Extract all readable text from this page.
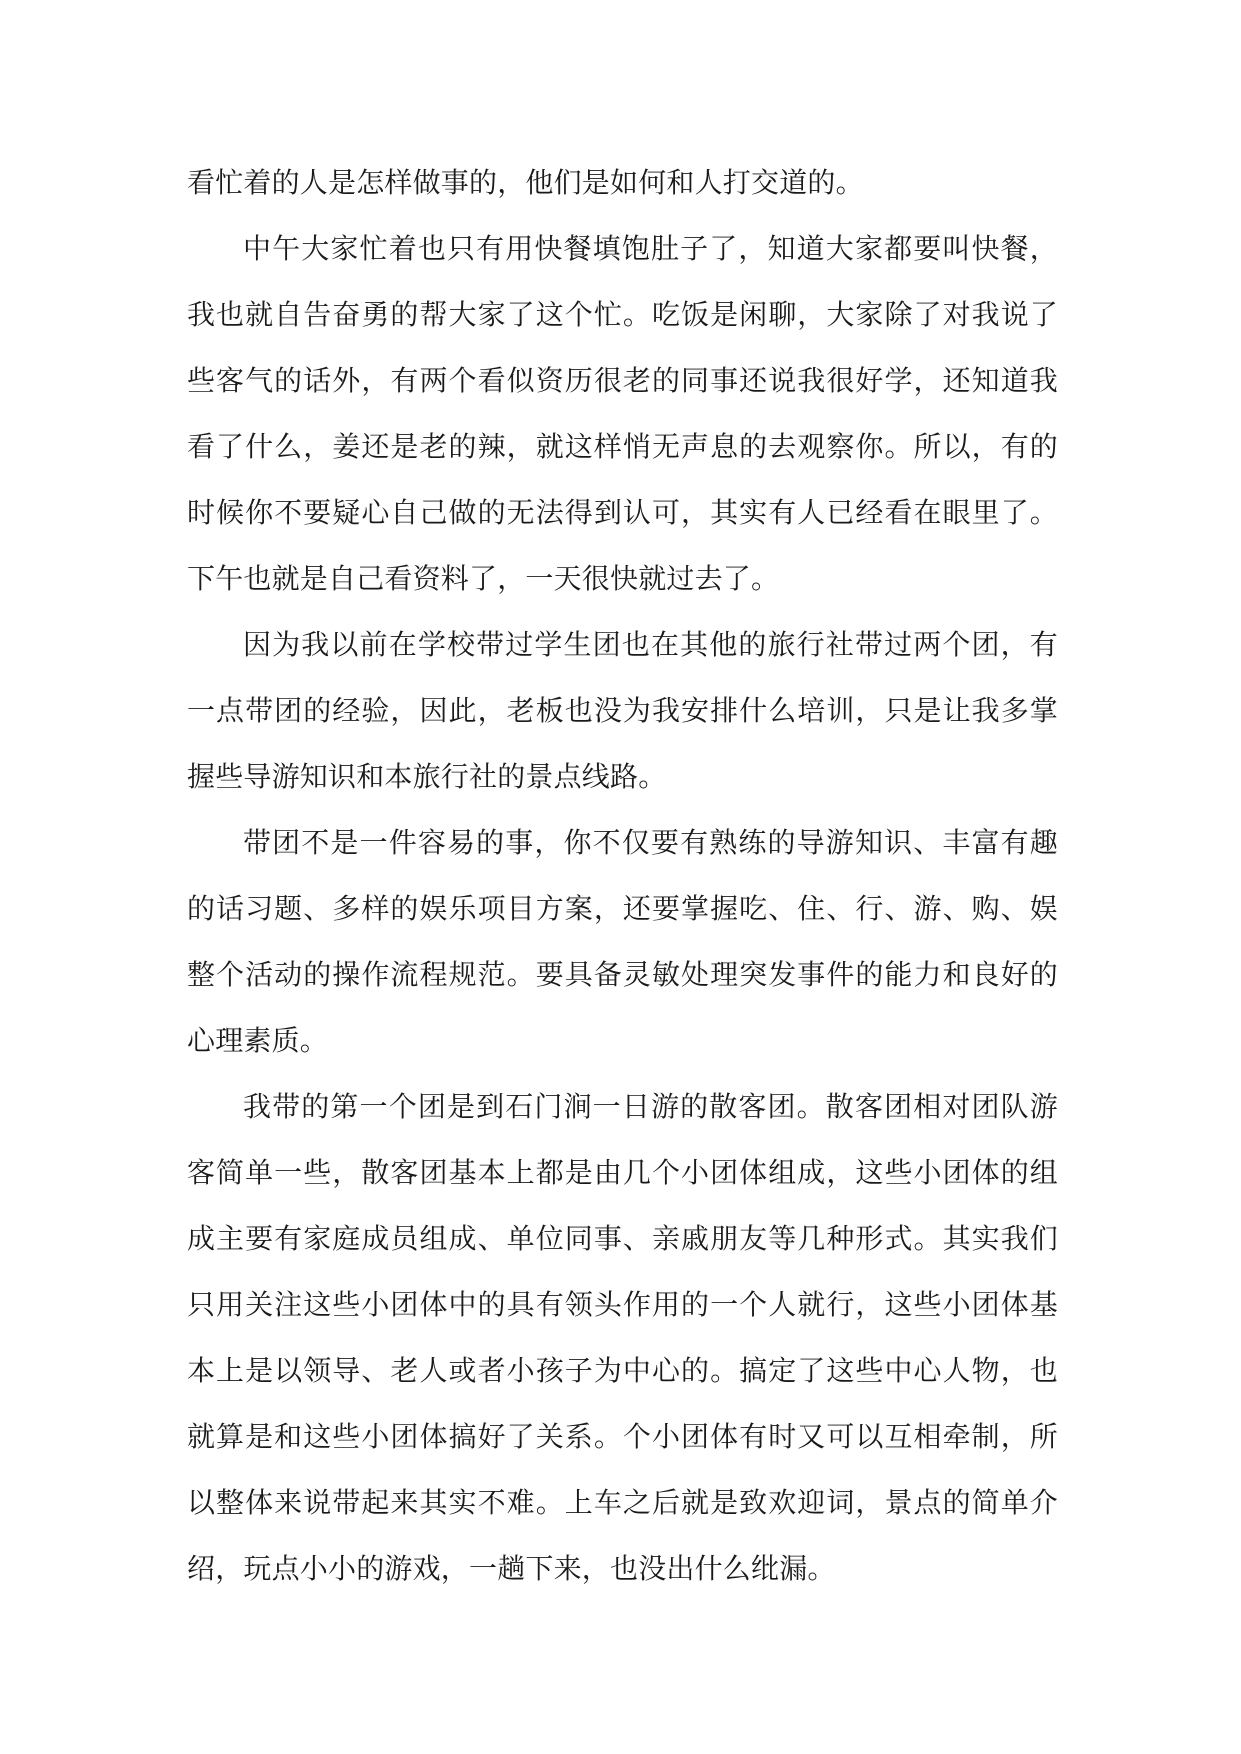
看忙着的人是怎样做事的，他们是如何和人打交道的。

中午大家忙着也只有用快餐填饱肚子了，知道大家都要叫快餐，我也就自告奋勇的帮大家了这个忙。吃饭是闲聊，大家除了对我说了些客气的话外，有两个看似资历很老的同事还说我很好学，还知道我看了什么，姜还是老的辣，就这样悄无声息的去观察你。所以，有的时候你不要疑心自己做的无法得到认可，其实有人已经看在眼里了。下午也就是自己看资料了，一天很快就过去了。

因为我以前在学校带过学生团也在其他的旅行社带过两个团，有一点带团的经验，因此，老板也没为我安排什么培训，只是让我多掌握些导游知识和本旅行社的景点线路。

带团不是一件容易的事，你不仅要有熟练的导游知识、丰富有趣的话习题、多样的娱乐项目方案，还要掌握吃、住、行、游、购、娱整个活动的操作流程规范。要具备灵敏处理突发事件的能力和良好的心理素质。

我带的第一个团是到石门涧一日游的散客团。散客团相对团队游客简单一些，散客团基本上都是由几个小团体组成，这些小团体的组成主要有家庭成员组成、单位同事、亲戚朋友等几种形式。其实我们只用关注这些小团体中的具有领头作用的一个人就行，这些小团体基本上是以领导、老人或者小孩子为中心的。搞定了这些中心人物，也就算是和这些小团体搞好了关系。个小团体有时又可以互相牵制，所以整体来说带起来其实不难。上车之后就是致欢迎词，景点的简单介绍，玩点小小的游戏，一趟下来，也没出什么纰漏。
